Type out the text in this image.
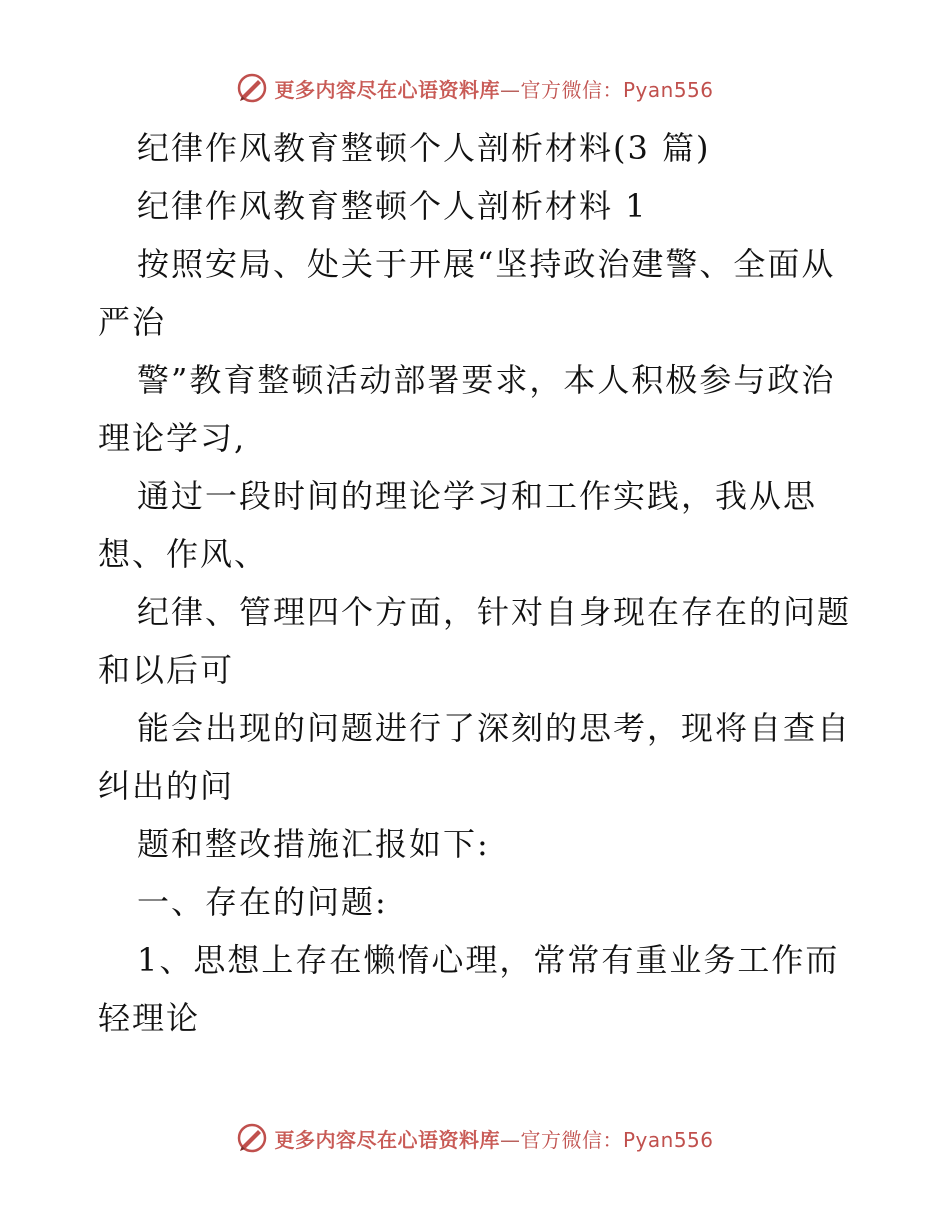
更多内容尽在心语资料库—官方微信：Pyan556
纪律作风教育整顿个人剖析材料(3 篇)
纪律作风教育整顿个人剖析材料 1
按照安局、处关于开展“坚持政治建警、全面从
严治
警”教育整顿活动部署要求，本人积极参与政治
理论学习,
通过一段时间的理论学习和工作实践，我从思
想、作风、
纪律、管理四个方面，针对自身现在存在的问题
和以后可
能会出现的问题进行了深刻的思考，现将自查自
纠出的问
题和整改措施汇报如下:
一、存在的问题:
1、思想上存在懒惰心理，常常有重业务工作而
轻理论
更多内容尽在心语资料库—官方微信：Pyan556
